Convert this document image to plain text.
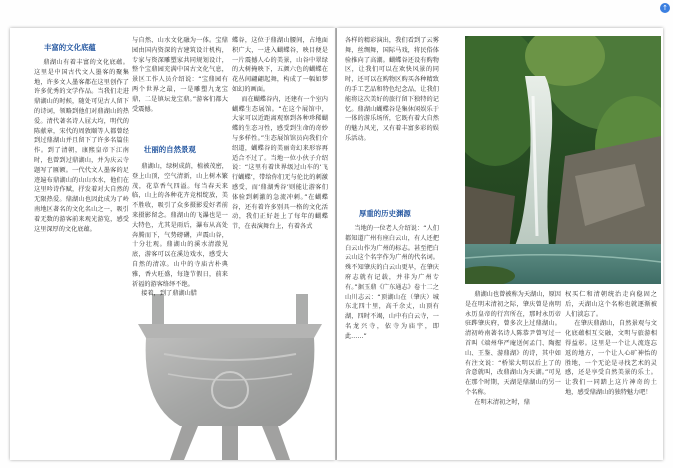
丰富的文化底蕴

鼎湖山有着丰富的文化底蕴。这里是中国古代文人墨客的聚集地，许多文人墨客都在这里创作了许多优秀的文学作品。当我们走进鼎湖山的时候，随处可见古人留下的诗词，领略到他们对鼎湖山的热爱。清代著名诗人屈大均，明代的陈献章，宋代的周敦颐等人都曾经到过鼎湖山并且留下了许多名篇佳作。到了清朝，康熙皇帝下江南时，也曾到过鼎湖山，并为庆云寺题写了匾额。一代代文人墨客的足迹遍布鼎湖山的山山水水，他们在这里吟诗作赋，抒发着对大自然的无限热爱。鼎湖山也因此成为了岭南地区著名的文化名山之一，吸引着无数的游客前来观光游览，感受这里深厚的文化底蕴。

与自然、山水文化融为一体。宝鼎园由国内资深的古建筑设计机构，专家与资深雕塑家共同规划设计，整个宝鼎园充满中国古文化气息，景区工作人员介绍说：“宝鼎园有两个世界之最，一是雕塑九龙宝鼎，二是镇坛龙宝鼎。”游客们都大受震撼。

壮丽的自然景观

鼎湖山，绿树成荫，植被茂密，登上山顶，空气清新，山上树木繁茂，花草香气四溢。每当春天来临，山上的各种花卉竞相绽放，美不胜收，吸引了众多摄影爱好者前来摄影留念。鼎湖山的飞瀑也是一大特色，尤其是雨后，瀑布从高处奔腾而下，气势磅礴，声震山谷，十分壮观。鼎湖山的溪水清澈见底，游客可以在溪边戏水，感受大自然的清凉。山中的寺庙古朴典雅，香火旺盛，每逢节假日，前来祈福的游客络绎不绝。

接着，到了鼎湖山腊

蝶谷，这位于鼎湖山腰间，占地面积广大，一进入蝴蝶谷，映目便是一片震撼人心的美景，山谷中翠绿的大树掩映下，五颜六色的蝴蝶在花丛间翩翩起舞，构成了一幅如梦如幻的画面。

而在蝴蝶谷内，还建有一个室内蝴蝶生态展馆。“在这个展馆中，大家可以近距离观察到各种珍稀蝴蝶的生态习性，感受到生命的奇妙与多样性。”生态展馆馆员向我们介绍道，蝴蝶谷的美丽奇幻来形容再适合不过了。当地一位小伙子介绍说：“这里有着世界级过山车的‘飞行蝴蝶’，带给你们无与伦比的刺激感受，而‘鼎湖秀谷’则能让游客们体验到刺激的急流冲刺。”在蝴蝶谷，还有着许多别具一格的文化活动，我们正好赶上了每年的蝴蝶节，在表演舞台上，有着各式

各样的精彩演出，我们看到了云雾舞，丝绸舞，国际马戏，将民俗体验推向了高潮。蝴蝶谷还设有购物区，让我们可以在欢快风景的同时，还可以在购物区购买各种精致的手工艺品和特色纪念品，让我们能将这次美好的旅行留下独特的记忆。鼎湖山蝴蝶谷是集休闲娱乐于一体的游乐场所，它既有着大自然的魅力风光，又有着丰富多彩的娱乐活动。

厚重的历史渊源

当地的一位老人介绍说：“人们都知道广州有座白云山，有人还把白云山作为广州的标志。甚至把白云山这个名字作为广州的代名词。殊不知肇庆的白云山更早，在肇庆府志就有记载，并非为广州专有。”据玉鼎《广东通志》卷十二之山川志云：“顶湖山在（肇庆）城东北四十里，高千余丈，山顶有湖，四时不竭，山中有白云寺，一名龙兴寺，依寺为庙宇，即此……”

鼎湖山也曾被称为天湖山，原因是在明末清初之际，肇庆曾是南明永历皇帝的行宫所在，那时永历帝驻跸肇庆府，曾多次上过鼎湖山。清初岭南著名诗人陈恭尹曾写过一首叫《端州华严庵送何孟门、陶握山、王鉴、游鼎湖》的诗，其中如有注文说：“桥梁大明以后上了的含意就叫，改鼎湖山为天湖。”可见在那个时期，天湖是鼎湖山的另一个名称。

在明末清初之时，鼎

权买仁和清朝统治走向稳固之后，天湖山这个名称也就逐渐被人们淡忘了。

在肇庆鼎湖山，自然景观与文化底蕴相互交融，文明与旅游相得益彰。这里是一个让人流连忘返的地方，一个让人心旷神怡的胜地，一个无论是寻找艺术的灵感，还是享受自然美景的乐土。让我们一同踏上这片神奇的土地，感受鼎湖山的独特魅力吧！

↑
